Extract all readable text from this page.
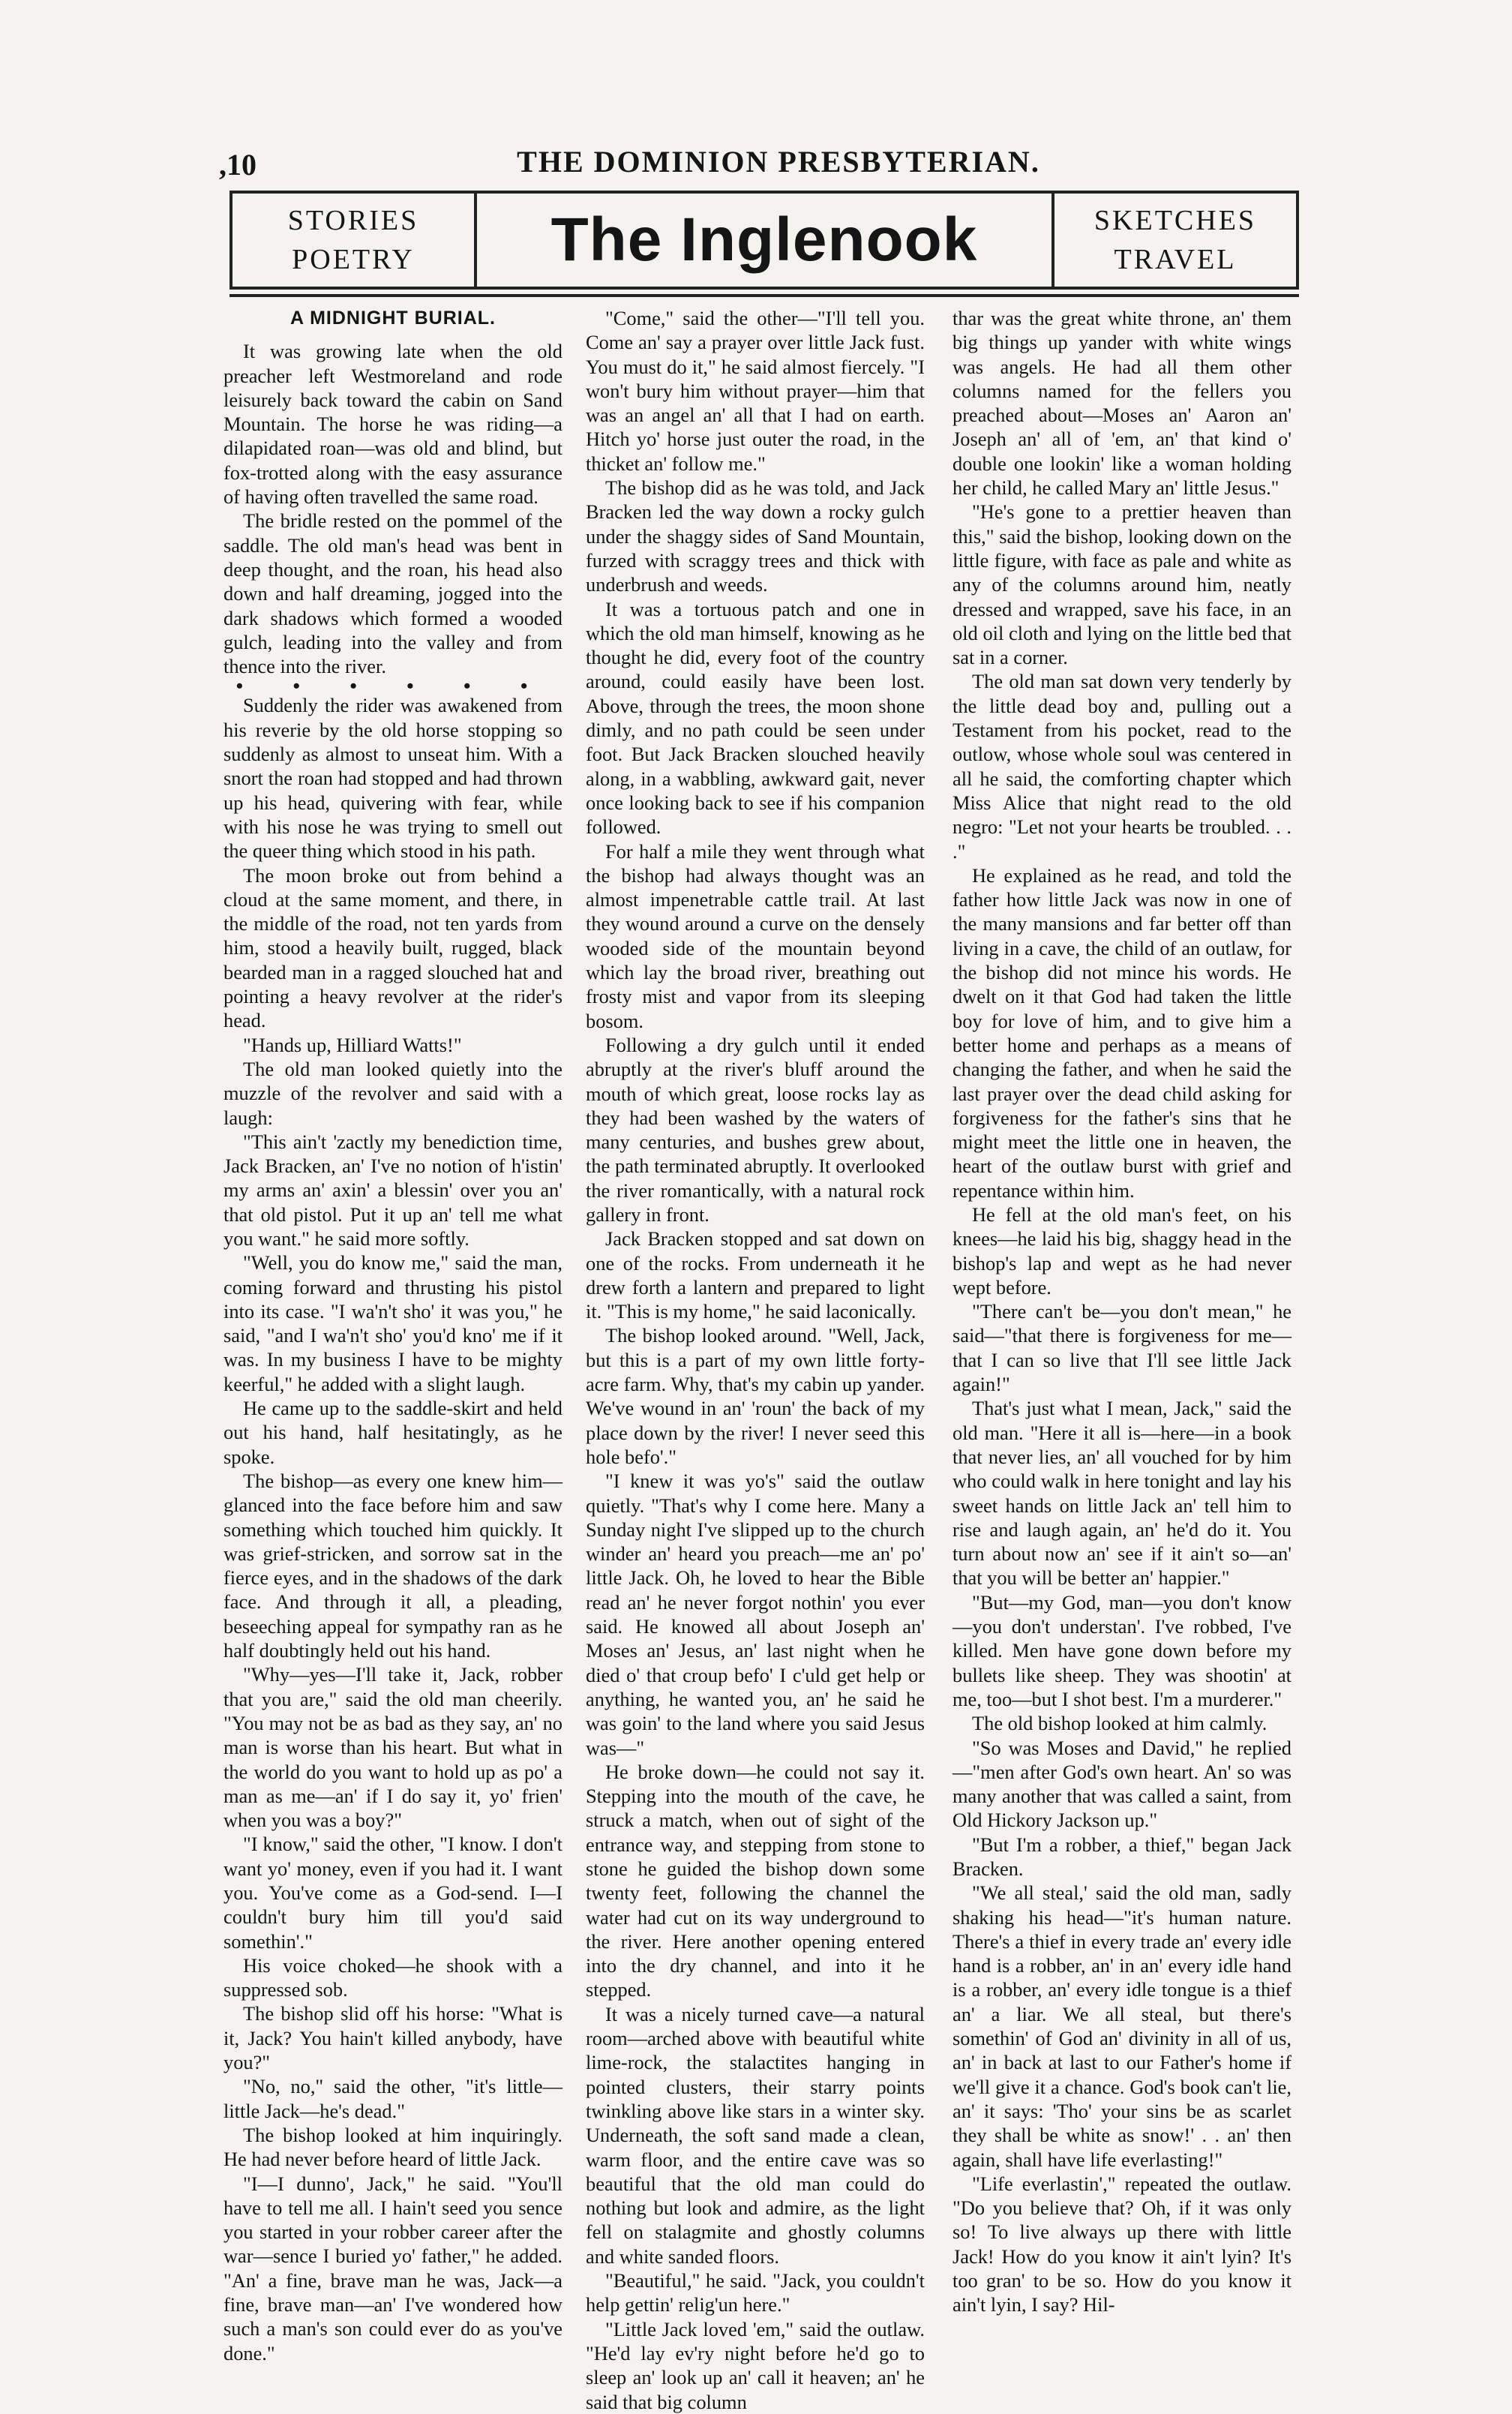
,10	THE DOMINION PRESBYTERIAN.
STORIES
POETRY	The Inglenook	SKETCHES
TRAVEL

A MIDNIGHT BURIAL.

It was growing late when the old preacher left Westmoreland and rode leisurely back toward the cabin on Sand Mountain. The horse he was riding—a dilapidated roan—was old and blind, but fox-trotted along with the easy assurance of having often travelled the same road.

The bridle rested on the pommel of the saddle. The old man's head was bent in deep thought, and the roan, his head also down and half dreaming, jogged into the dark shadows which formed a wooded gulch, leading into the valley and from thence into the river.

• • • • • •

Suddenly the rider was awakened from his reverie by the old horse stopping so suddenly as almost to unseat him. With a snort the roan had stopped and had thrown up his head, quivering with fear, while with his nose he was trying to smell out the queer thing which stood in his path.

The moon broke out from behind a cloud at the same moment, and there, in the middle of the road, not ten yards from him, stood a heavily built, rugged, black bearded man in a ragged slouched hat and pointing a heavy revolver at the rider's head.

"Hands up, Hilliard Watts!"

The old man looked quietly into the muzzle of the revolver and said with a laugh:

"This ain't 'zactly my benediction time, Jack Bracken, an' I've no notion of h'istin' my arms an' axin' a blessin' over you an' that old pistol. Put it up an' tell me what you want." he said more softly.

"Well, you do know me," said the man, coming forward and thrusting his pistol into its case. "I wa'n't sho' it was you," he said, "and I wa'n't sho' you'd kno' me if it was. In my business I have to be mighty keerful," he added with a slight laugh.

He came up to the saddle-skirt and held out his hand, half hesitatingly, as he spoke.

The bishop—as every one knew him—glanced into the face before him and saw something which touched him quickly. It was grief-stricken, and sorrow sat in the fierce eyes, and in the shadows of the dark face. And through it all, a pleading, beseeching appeal for sympathy ran as he half doubtingly held out his hand.

"Why—yes—I'll take it, Jack, robber that you are," said the old man cheerily. "You may not be as bad as they say, an' no man is worse than his heart. But what in the world do you want to hold up as po' a man as me—an' if I do say it, yo' frien' when you was a boy?"

"I know," said the other, "I know. I don't want yo' money, even if you had it. I want you. You've come as a God-send. I—I couldn't bury him till you'd said somethin'."

His voice choked—he shook with a suppressed sob.

The bishop slid off his horse: "What is it, Jack? You hain't killed anybody, have you?"

"No, no," said the other, "it's little—little Jack—he's dead."

The bishop looked at him inquiringly. He had never before heard of little Jack.

"I—I dunno', Jack," he said. "You'll have to tell me all. I hain't seed you sence you started in your robber career after the war—sence I buried yo' father," he added. "An' a fine, brave man he was, Jack—a fine, brave man—an' I've wondered how such a man's son could ever do as you've done."

"Come," said the other—"I'll tell you. Come an' say a prayer over little Jack fust. You must do it," he said almost fiercely. "I won't bury him without prayer—him that was an angel an' all that I had on earth. Hitch yo' horse just outer the road, in the thicket an' follow me."

The bishop did as he was told, and Jack Bracken led the way down a rocky gulch under the shaggy sides of Sand Mountain, furzed with scraggy trees and thick with underbrush and weeds.

It was a tortuous patch and one in which the old man himself, knowing as he thought he did, every foot of the country around, could easily have been lost. Above, through the trees, the moon shone dimly, and no path could be seen under foot. But Jack Bracken slouched heavily along, in a wabbling, awkward gait, never once looking back to see if his companion followed.

For half a mile they went through what the bishop had always thought was an almost impenetrable cattle trail. At last they wound around a curve on the densely wooded side of the mountain beyond which lay the broad river, breathing out frosty mist and vapor from its sleeping bosom.

Following a dry gulch until it ended abruptly at the river's bluff around the mouth of which great, loose rocks lay as they had been washed by the waters of many centuries, and bushes grew about, the path terminated abruptly. It overlooked the river romantically, with a natural rock gallery in front.

Jack Bracken stopped and sat down on one of the rocks. From underneath it he drew forth a lantern and prepared to light it. "This is my home," he said laconically.

The bishop looked around. "Well, Jack, but this is a part of my own little forty-acre farm. Why, that's my cabin up yander. We've wound in an' 'roun' the back of my place down by the river! I never seed this hole befo'."

"I knew it was yo's" said the outlaw quietly. "That's why I come here. Many a Sunday night I've slipped up to the church winder an' heard you preach—me an' po' little Jack. Oh, he loved to hear the Bible read an' he never forgot nothin' you ever said. He knowed all about Joseph an' Moses an' Jesus, an' last night when he died o' that croup befo' I c'uld get help or anything, he wanted you, an' he said he was goin' to the land where you said Jesus was—"

He broke down—he could not say it. Stepping into the mouth of the cave, he struck a match, when out of sight of the entrance way, and stepping from stone to stone he guided the bishop down some twenty feet, following the channel the water had cut on its way underground to the river. Here another opening entered into the dry channel, and into it he stepped.

It was a nicely turned cave—a natural room—arched above with beautiful white lime-rock, the stalactites hanging in pointed clusters, their starry points twinkling above like stars in a winter sky. Underneath, the soft sand made a clean, warm floor, and the entire cave was so beautiful that the old man could do nothing but look and admire, as the light fell on stalagmite and ghostly columns and white sanded floors.

"Beautiful," he said. "Jack, you couldn't help gettin' relig'un here."

"Little Jack loved 'em," said the outlaw. "He'd lay ev'ry night before he'd go to sleep an' look up an' call it heaven; an' he said that big column

thar was the great white throne, an' them big things up yander with white wings was angels. He had all them other columns named for the fellers you preached about—Moses an' Aaron an' Joseph an' all of 'em, an' that kind o' double one lookin' like a woman holding her child, he called Mary an' little Jesus."

"He's gone to a prettier heaven than this," said the bishop, looking down on the little figure, with face as pale and white as any of the columns around him, neatly dressed and wrapped, save his face, in an old oil cloth and lying on the little bed that sat in a corner.

The old man sat down very tenderly by the little dead boy and, pulling out a Testament from his pocket, read to the outlow, whose whole soul was centered in all he said, the comforting chapter which Miss Alice that night read to the old negro: "Let not your hearts be troubled. . . ."

He explained as he read, and told the father how little Jack was now in one of the many mansions and far better off than living in a cave, the child of an outlaw, for the bishop did not mince his words. He dwelt on it that God had taken the little boy for love of him, and to give him a better home and perhaps as a means of changing the father, and when he said the last prayer over the dead child asking for forgiveness for the father's sins that he might meet the little one in heaven, the heart of the outlaw burst with grief and repentance within him.

He fell at the old man's feet, on his knees—he laid his big, shaggy head in the bishop's lap and wept as he had never wept before.

"There can't be—you don't mean," he said—"that there is forgiveness for me—that I can so live that I'll see little Jack again!"

That's just what I mean, Jack," said the old man. "Here it all is—here—in a book that never lies, an' all vouched for by him who could walk in here tonight and lay his sweet hands on little Jack an' tell him to rise and laugh again, an' he'd do it. You turn about now an' see if it ain't so—an' that you will be better an' happier."

"But—my God, man—you don't know—you don't understan'. I've robbed, I've killed. Men have gone down before my bullets like sheep. They was shootin' at me, too—but I shot best. I'm a murderer."

The old bishop looked at him calmly.

"So was Moses and David," he replied—"men after God's own heart. An' so was many another that was called a saint, from Old Hickory Jackson up."

"But I'm a robber, a thief," began Jack Bracken.

"We all steal,' said the old man, sadly shaking his head—"it's human nature. There's a thief in every trade an' every idle hand is a robber, an' in an' every idle hand is a robber, an' every idle tongue is a thief an' a liar. We all steal, but there's somethin' of God an' divinity in all of us, an' in back at last to our Father's home if we'll give it a chance. God's book can't lie, an' it says: 'Tho' your sins be as scarlet they shall be white as snow!' . . an' then again, shall have life everlasting!"

"Life everlastin'," repeated the outlaw. "Do you believe that? Oh, if it was only so! To live always up there with little Jack! How do you know it ain't lyin? It's too gran' to be so. How do you know it ain't lyin, I say? Hil-
